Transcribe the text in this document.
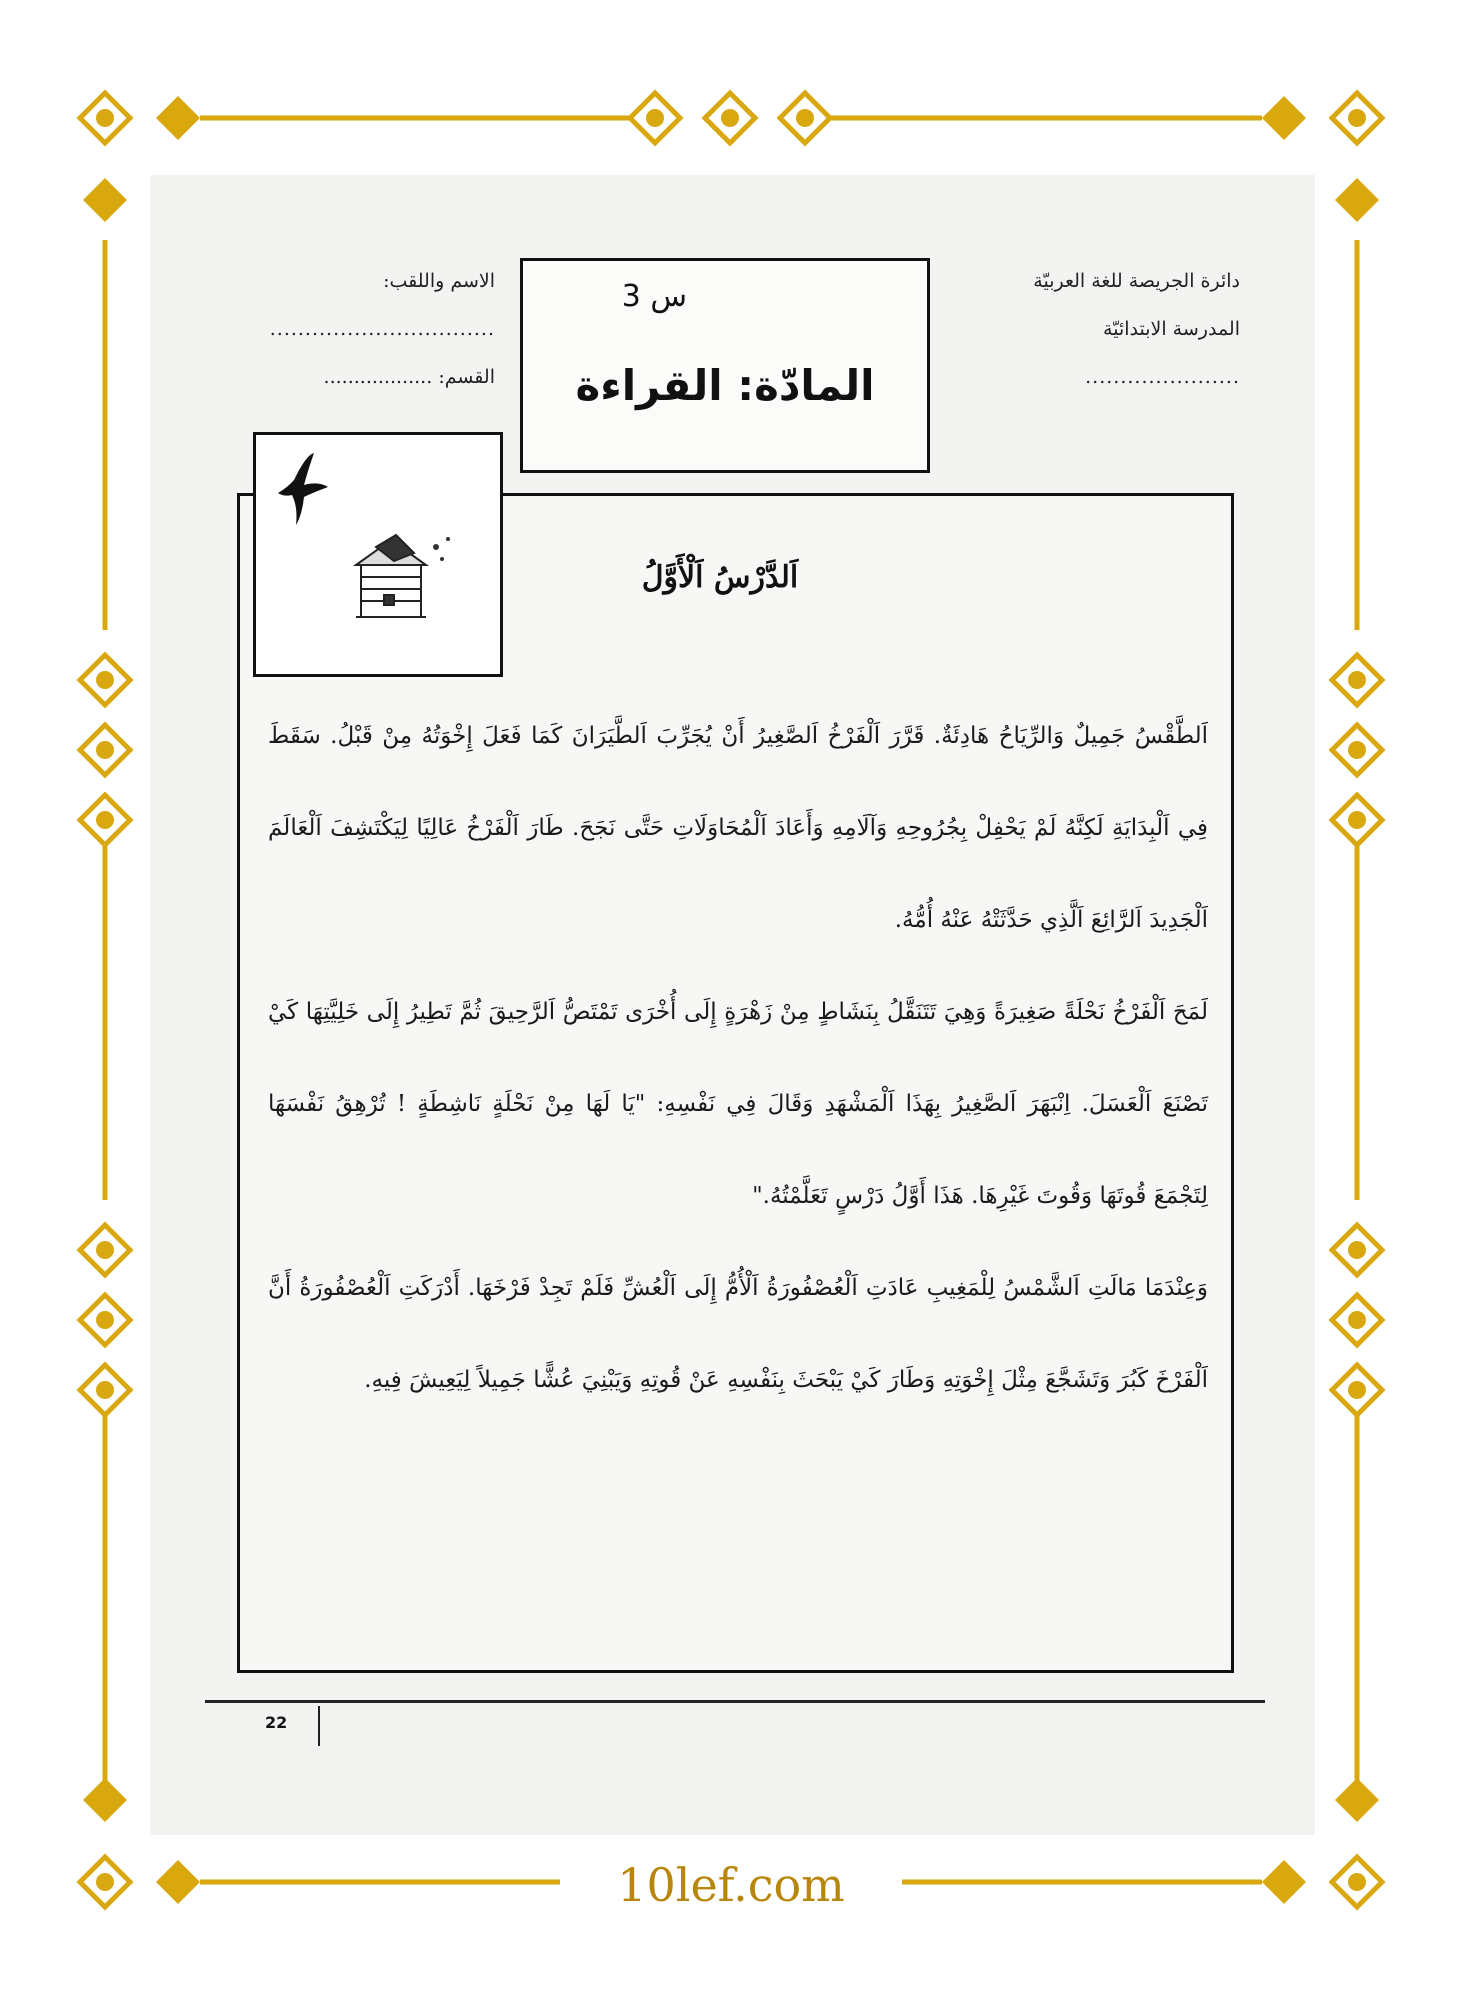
دائرة الجريصة للغة العربيّة
المدرسة الابتدائيّة
......................
س 3
المادّة: القراءة
الاسم واللقب:
................................
القسم: ..................
اَلدَّرْسُ اَلْأَوَّلُ

اَلطَّقْسُ جَمِيلٌ وَالرِّيَاحُ هَادِئَةٌ. قَرَّرَ اَلْفَرْخُ اَلصَّغِيرُ أَنْ يُجَرِّبَ اَلطَّيَرَانَ كَمَا فَعَلَ إِخْوَتُهُ مِنْ قَبْلُ. سَقَطَ فِي اَلْبِدَايَةِ لَكِنَّهُ لَمْ يَحْفِلْ بِجُرُوحِهِ وَآلَامِهِ وَأَعَادَ اَلْمُحَاوَلَاتِ حَتَّى نَجَحَ. طَارَ اَلْفَرْخُ عَالِيًا لِيَكْتَشِفَ اَلْعَالَمَ اَلْجَدِيدَ اَلرَّائِعَ اَلَّذِي حَدَّثَتْهُ عَنْهُ أُمُّهُ.

لَمَحَ اَلْفَرْخُ نَحْلَةً صَغِيرَةً وَهِيَ تَتَنَقَّلُ بِنَشَاطٍ مِنْ زَهْرَةٍ إِلَى أُخْرَى تَمْتَصُّ اَلرَّحِيقَ ثُمَّ تَطِيرُ إِلَى خَلِيَّتِهَا كَيْ تَصْنَعَ اَلْعَسَلَ. اِنْبَهَرَ اَلصَّغِيرُ بِهَذَا اَلْمَشْهَدِ وَقَالَ فِي نَفْسِهِ: "يَا لَهَا مِنْ نَحْلَةٍ نَاشِطَةٍ ! تُرْهِقُ نَفْسَهَا لِتَجْمَعَ قُوتَهَا وَقُوتَ غَيْرِهَا. هَذَا أَوَّلُ دَرْسٍ تَعَلَّمْتُهُ."

وَعِنْدَمَا مَالَتِ اَلشَّمْسُ لِلْمَغِيبِ عَادَتِ اَلْعُصْفُورَةُ اَلْأُمُّ إِلَى اَلْعُشِّ فَلَمْ تَجِدْ فَرْخَهَا. أَدْرَكَتِ اَلْعُصْفُورَةُ أَنَّ اَلْفَرْخَ كَبُرَ وَتَشَجَّعَ مِثْلَ إِخْوَتِهِ وَطَارَ كَيْ يَبْحَثَ بِنَفْسِهِ عَنْ قُوتِهِ وَيَبْنِيَ عُشًّا جَمِيلاً لِيَعِيشَ فِيهِ.

22
10lef.com
